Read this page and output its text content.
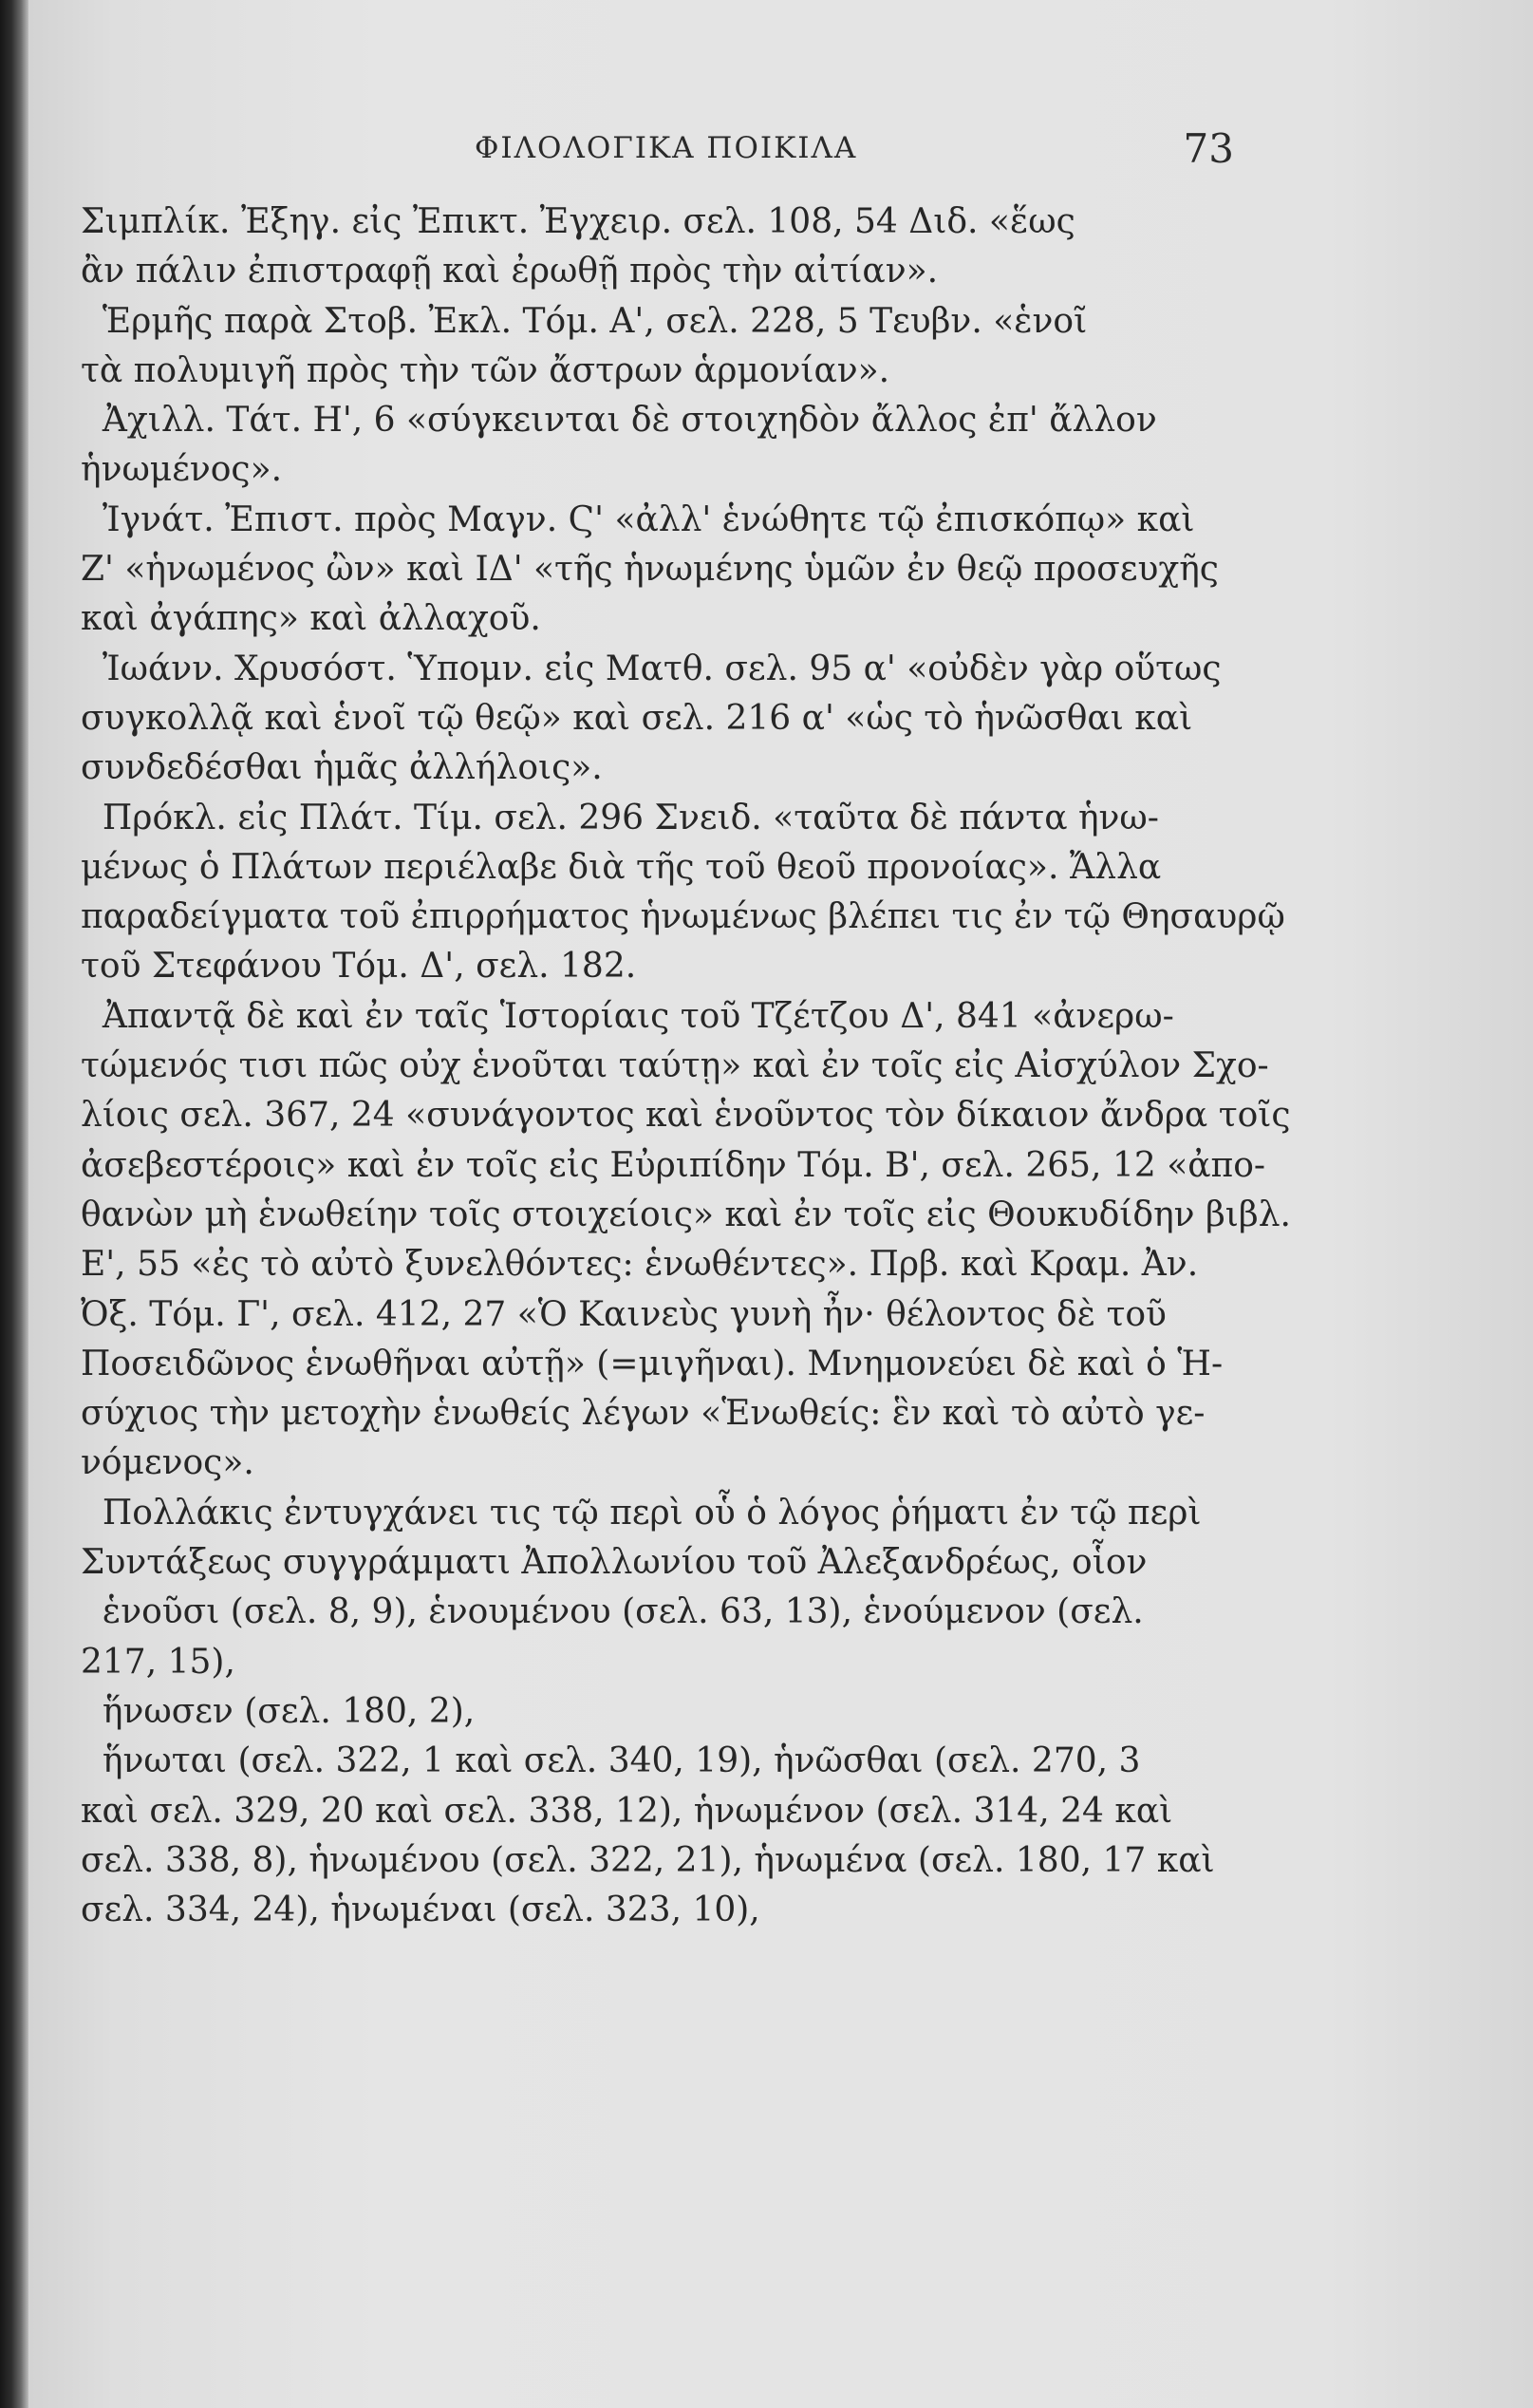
ΦΙΛΟΛΟΓΙΚΑ ΠΟΙΚΙΛΑ	73
Σιμπλίκ. Ἐξηγ. εἰς Ἐπικτ. Ἐγχειρ. σελ. 108, 54 Διδ. «ἕως
ἂν πάλιν ἐπιστραφῇ καὶ ἐρωθῇ πρὸς τὴν αἰτίαν».
Ἑρμῆς παρὰ Στοβ. Ἐκλ. Τόμ. Α', σελ. 228, 5 Τευβν. «ἑνοῖ
τὰ πολυμιγῆ πρὸς τὴν τῶν ἄστρων ἁρμονίαν».
Ἀχιλλ. Τάτ. Η', 6 «σύγκεινται δὲ στοιχηδὸν ἄλλος ἐπ' ἄλλον
ἡνωμένος».
Ἰγνάτ. Ἐπιστ. πρὸς Μαγν. Ϛ' «ἀλλ' ἑνώθητε τῷ ἐπισκόπῳ» καὶ
Ζ' «ἡνωμένος ὢν» καὶ ΙΔ' «τῆς ἡνωμένης ὑμῶν ἐν θεῷ προσευχῆς
καὶ ἀγάπης» καὶ ἀλλαχοῦ.
Ἰωάνν. Χρυσόστ. Ὑπομν. εἰς Ματθ. σελ. 95 α' «οὐδὲν γὰρ οὕτως
συγκολλᾷ καὶ ἑνοῖ τῷ θεῷ» καὶ σελ. 216 α' «ὡς τὸ ἡνῶσθαι καὶ
συνδεδέσθαι ἡμᾶς ἀλλήλοις».
Πρόκλ. εἰς Πλάτ. Τίμ. σελ. 296 Σνειδ. «ταῦτα δὲ πάντα ἡνω-
μένως ὁ Πλάτων περιέλαβε διὰ τῆς τοῦ θεοῦ προνοίας». Ἄλλα
παραδείγματα τοῦ ἐπιρρήματος ἡνωμένως βλέπει τις ἐν τῷ Θησαυρῷ
τοῦ Στεφάνου Τόμ. Δ', σελ. 182.
Ἀπαντᾷ δὲ καὶ ἐν ταῖς Ἱστορίαις τοῦ Τζέτζου Δ', 841 «ἀνερω-
τώμενός τισι πῶς οὐχ ἑνοῦται ταύτῃ» καὶ ἐν τοῖς εἰς Αἰσχύλον Σχο-
λίοις σελ. 367, 24 «συνάγοντος καὶ ἑνοῦντος τὸν δίκαιον ἄνδρα τοῖς
ἀσεβεστέροις» καὶ ἐν τοῖς εἰς Εὐριπίδην Τόμ. Β', σελ. 265, 12 «ἀπο-
θανὼν μὴ ἑνωθείην τοῖς στοιχείοις» καὶ ἐν τοῖς εἰς Θουκυδίδην βιβλ.
Ε', 55 «ἐς τὸ αὐτὸ ξυνελθόντες: ἑνωθέντες». Πρβ. καὶ Κραμ. Ἀν.
Ὀξ. Τόμ. Γ', σελ. 412, 27 «Ὁ Καινεὺς γυνὴ ἦν· θέλοντος δὲ τοῦ
Ποσειδῶνος ἑνωθῆναι αὐτῇ» (=μιγῆναι). Μνημονεύει δὲ καὶ ὁ Ἡ-
σύχιος τὴν μετοχὴν ἑνωθείς λέγων «Ἑνωθείς: ἓν καὶ τὸ αὐτὸ γε-
νόμενος».
Πολλάκις ἐντυγχάνει τις τῷ περὶ οὗ ὁ λόγος ῥήματι ἐν τῷ περὶ
Συντάξεως συγγράμματι Ἀπολλωνίου τοῦ Ἀλεξανδρέως, οἷον
ἑνοῦσι (σελ. 8, 9), ἑνουμένου (σελ. 63, 13), ἑνούμενον (σελ.
217, 15),
ἥνωσεν (σελ. 180, 2),
ἥνωται (σελ. 322, 1 καὶ σελ. 340, 19), ἡνῶσθαι (σελ. 270, 3
καὶ σελ. 329, 20 καὶ σελ. 338, 12), ἡνωμένον (σελ. 314, 24 καὶ
σελ. 338, 8), ἡνωμένου (σελ. 322, 21), ἡνωμένα (σελ. 180, 17 καὶ
σελ. 334, 24), ἡνωμέναι (σελ. 323, 10),
